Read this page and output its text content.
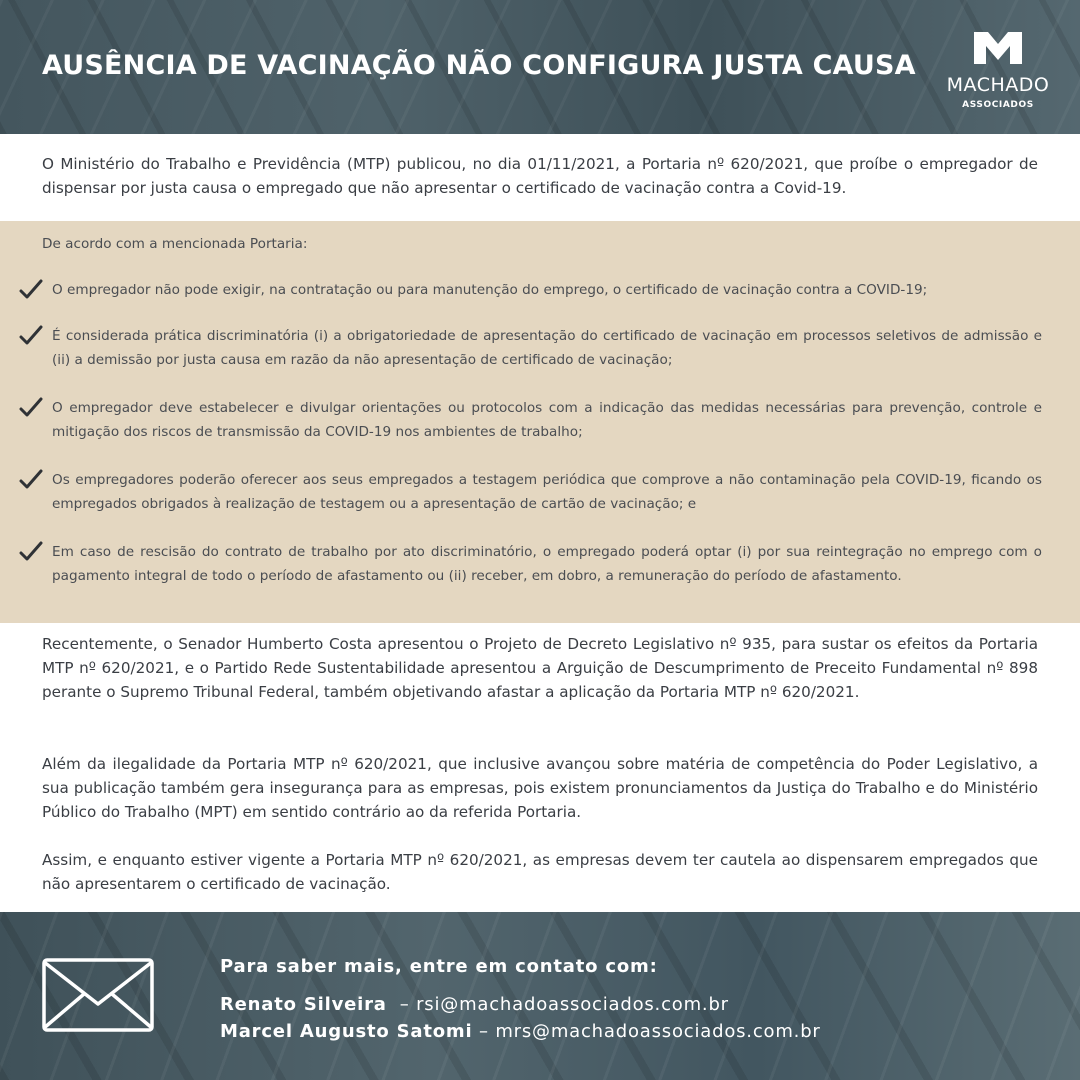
AUSÊNCIA DE VACINAÇÃO NÃO CONFIGURA JUSTA CAUSA
MACHADO
ASSOCIADOS
O Ministério do Trabalho e Previdência (MTP) publicou, no dia 01/11/2021, a Portaria nº 620/2021, que proíbe o empregador de dispensar por justa causa o empregado que não apresentar o certificado de vacinação contra a Covid-19.
De acordo com a mencionada Portaria:
O empregador não pode exigir, na contratação ou para manutenção do emprego, o certificado de vacinação contra a COVID-19;
É considerada prática discriminatória (i) a obrigatoriedade de apresentação do certificado de vacinação em processos seletivos de admissão e (ii) a demissão por justa causa em razão da não apresentação de certificado de vacinação;
O empregador deve estabelecer e divulgar orientações ou protocolos com a indicação das medidas necessárias para prevenção, controle e mitigação dos riscos de transmissão da COVID-19 nos ambientes de trabalho;
Os empregadores poderão oferecer aos seus empregados a testagem periódica que comprove a não contaminação pela COVID-19, ficando os empregados obrigados à realização de testagem ou a apresentação de cartão de vacinação; e
Em caso de rescisão do contrato de trabalho por ato discriminatório, o empregado poderá optar (i) por sua reintegração no emprego com o pagamento integral de todo o período de afastamento ou (ii) receber, em dobro, a remuneração do período de afastamento.
Recentemente, o Senador Humberto Costa apresentou o Projeto de Decreto Legislativo nº 935, para sustar os efeitos da Portaria MTP nº 620/2021, e o Partido Rede Sustentabilidade apresentou a Arguição de Descumprimento de Preceito Fundamental nº 898 perante o Supremo Tribunal Federal, também objetivando afastar a aplicação da Portaria MTP nº 620/2021.
Além da ilegalidade da Portaria MTP nº 620/2021, que inclusive avançou sobre matéria de competência do Poder Legislativo, a sua publicação também gera insegurança para as empresas, pois existem pronunciamentos da Justiça do Trabalho e do Ministério Público do Trabalho (MPT) em sentido contrário ao da referida Portaria.
Assim, e enquanto estiver vigente a Portaria MTP nº 620/2021, as empresas devem ter cautela ao dispensarem empregados que não apresentarem o certificado de vacinação.
Para saber mais, entre em contato com:
Renato Silveira  – rsi@machadoassociados.com.br
Marcel Augusto Satomi – mrs@machadoassociados.com.br
